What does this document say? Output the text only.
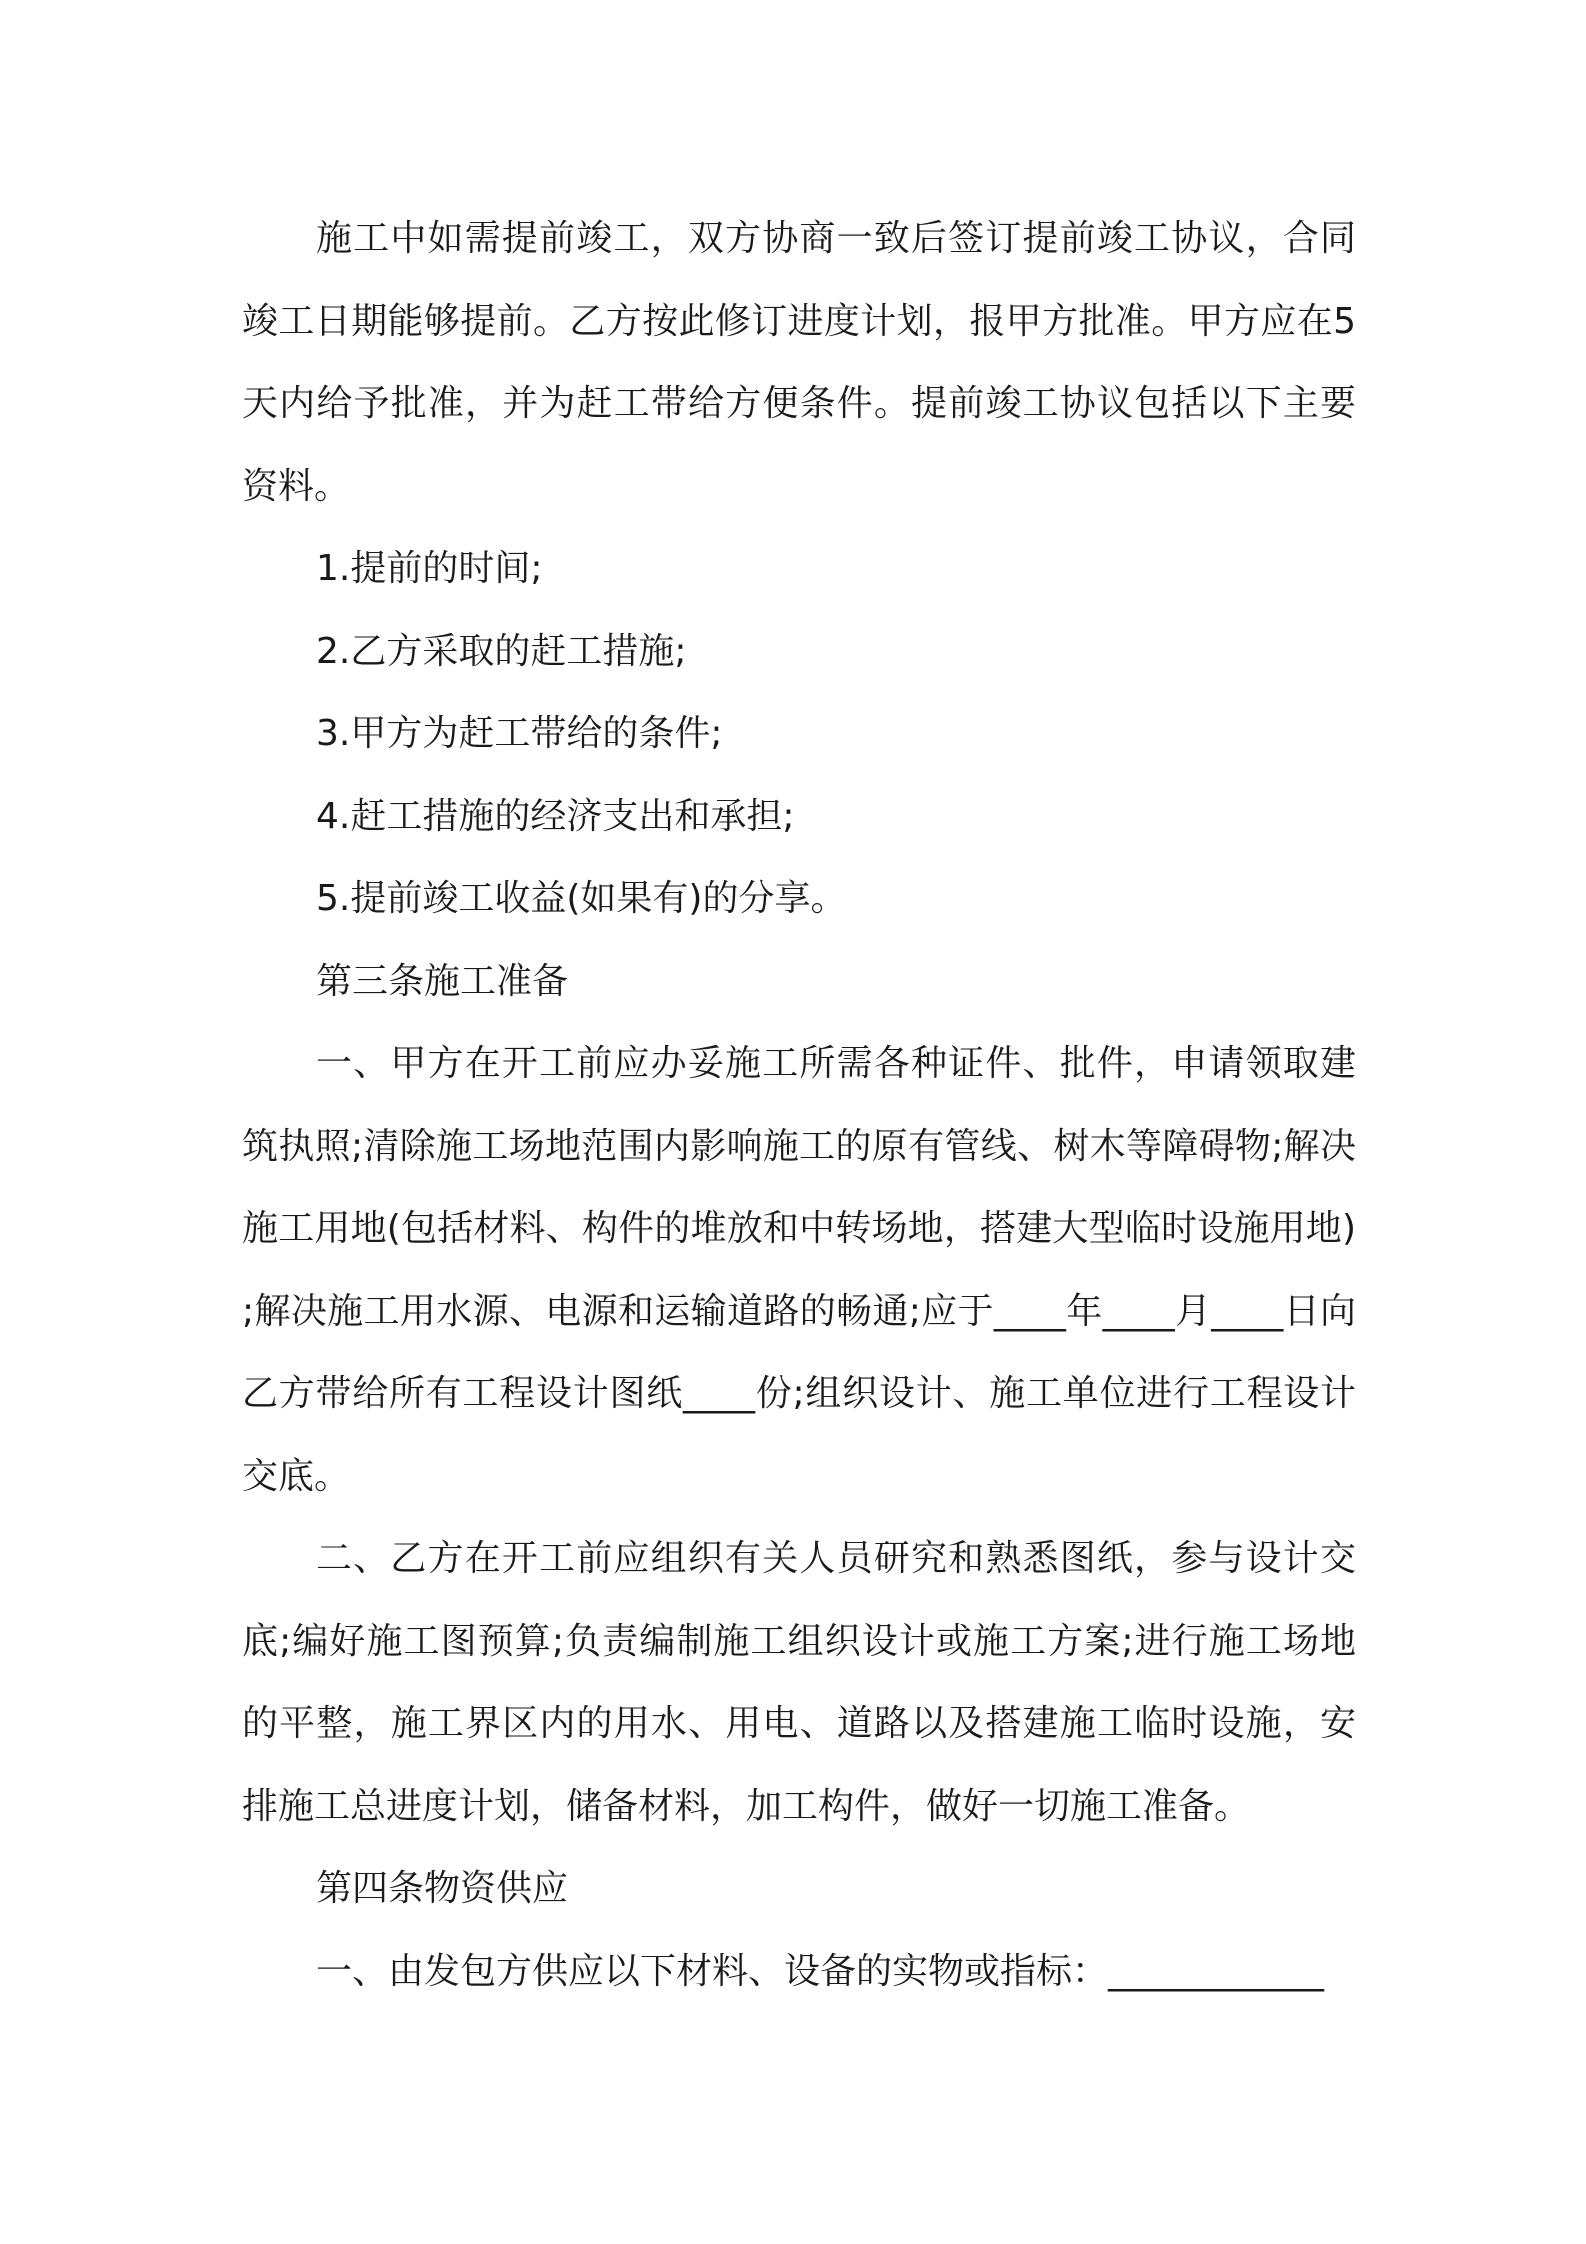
施工中如需提前竣工，双方协商一致后签订提前竣工协议，合同竣工日期能够提前。乙方按此修订进度计划，报甲方批准。甲方应在5 天内给予批准，并为赶工带给方便条件。提前竣工协议包括以下主要资料。

1.提前的时间;

2.乙方采取的赶工措施;

3.甲方为赶工带给的条件;

4.赶工措施的经济支出和承担;

5.提前竣工收益(如果有)的分享。

第三条施工准备

一、甲方在开工前应办妥施工所需各种证件、批件，申请领取建筑执照;清除施工场地范围内影响施工的原有管线、树木等障碍物;解决施工用地(包括材料、构件的堆放和中转场地，搭建大型临时设施用地);解决施工用水源、电源和运输道路的畅通;应于____年____月____日向乙方带给所有工程设计图纸____份;组织设计、施工单位进行工程设计交底。

二、乙方在开工前应组织有关人员研究和熟悉图纸，参与设计交底;编好施工图预算;负责编制施工组织设计或施工方案;进行施工场地的平整，施工界区内的用水、用电、道路以及搭建施工临时设施，安排施工总进度计划，储备材料，加工构件，做好一切施工准备。

第四条物资供应

一、由发包方供应以下材料、设备的实物或指标：____________
